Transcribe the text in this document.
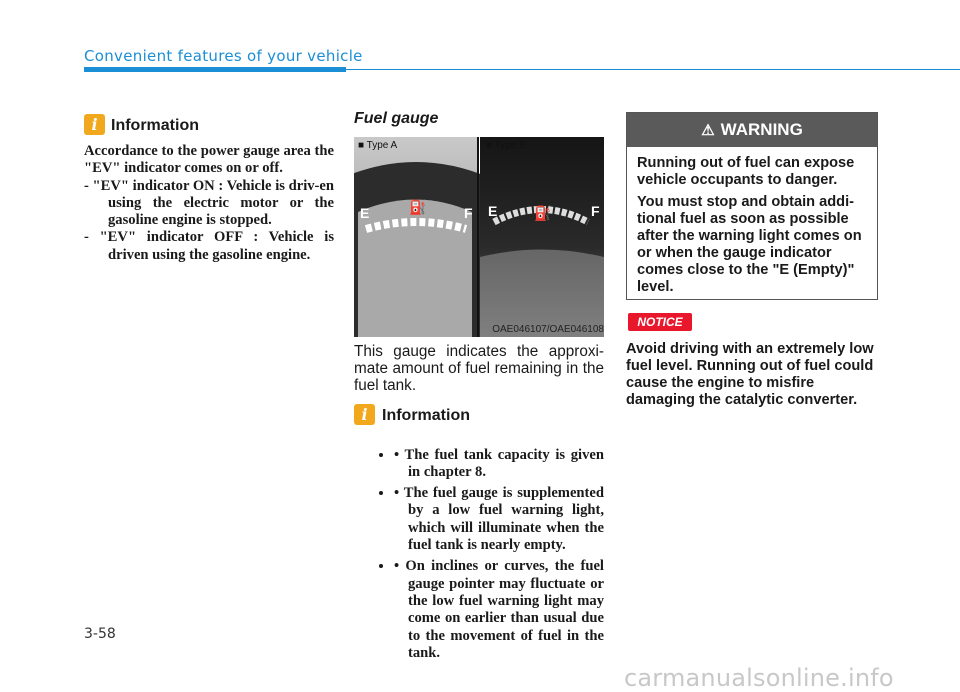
Convenient features of your vehicle
i Information
Accordance to the power gauge area the "EV" indicator comes on or off.
- "EV" indicator ON : Vehicle is driv-en using the electric motor or the gasoline engine is stopped.
- "EV" indicator OFF : Vehicle is driven using the gasoline engine.
Fuel gauge
■ Type A	■ Type B
E	F E	F
⛽	⛽
OAE046107/OAE046108
This gauge indicates the approxi-mate amount of fuel remaining in the fuel tank.
i Information
• • The fuel tank capacity is given in chapter 8.
• • The fuel gauge is supplemented by a low fuel warning light, which will illuminate when the fuel tank is nearly empty.
• • On inclines or curves, the fuel gauge pointer may fluctuate or the low fuel warning light may come on earlier than usual due to the movement of fuel in the tank.
⚠ WARNING

Running out of fuel can expose vehicle occupants to danger.

You must stop and obtain addi-tional fuel as soon as possible after the warning light comes on or when the gauge indicator comes close to the "E (Empty)" level.

NOTICE
Avoid driving with an extremely low fuel level. Running out of fuel could cause the engine to misfire damaging the catalytic converter.
3-58
carmanualsonline.info
